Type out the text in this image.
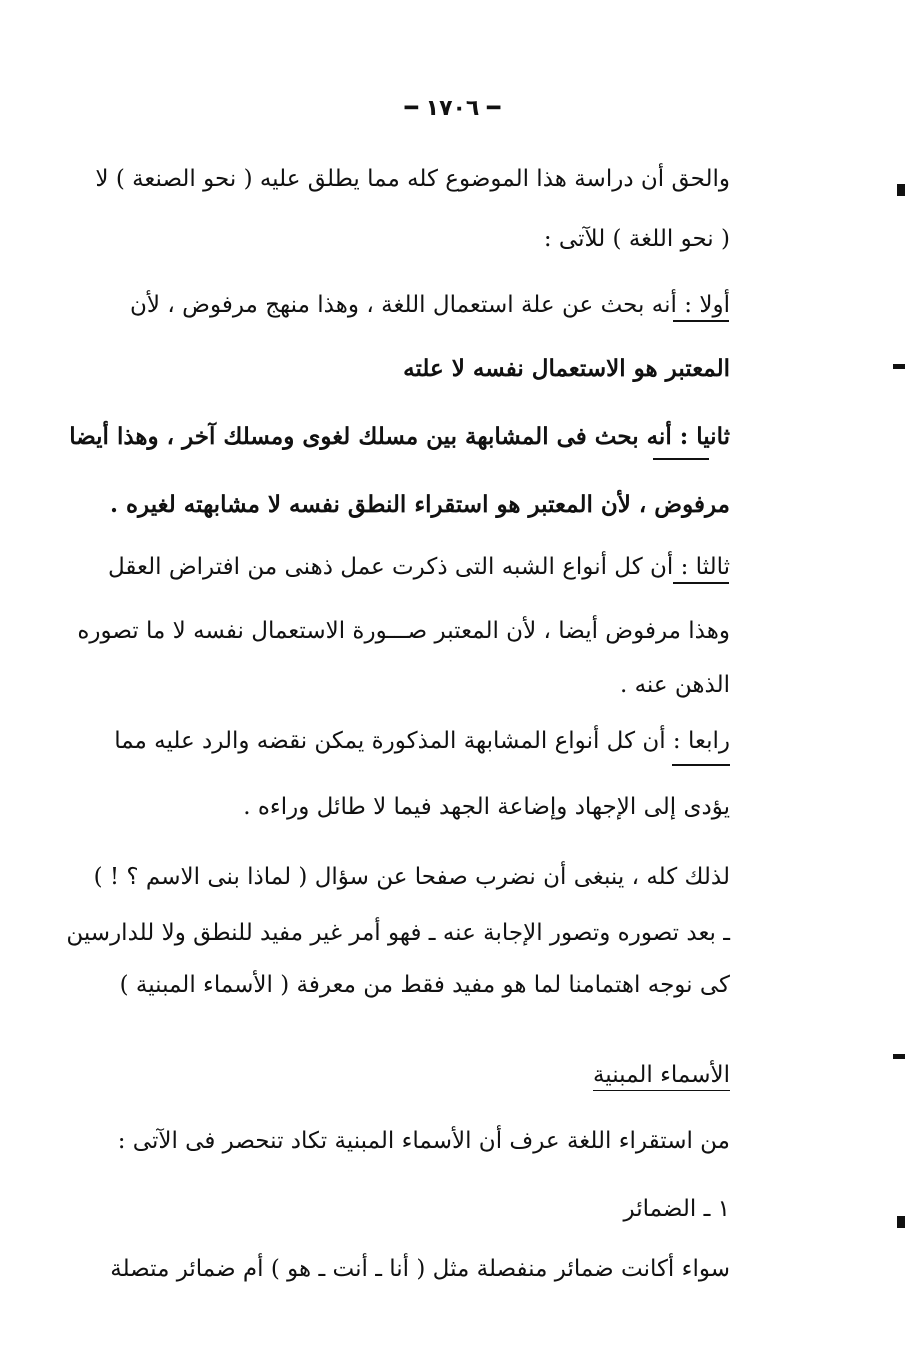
━ ١٧٠٦ ━
والحق أن دراسة هذا الموضوع كله مما يطلق عليه ( نحو الصنعة ) لا
( نحو اللغة ) للآتى :
أولا : أنه بحث عن علة استعمال اللغة ، وهذا منهج مرفوض ، لأن
المعتبر هو الاستعمال نفسه لا علته
ثانيا : أنه بحث فى المشابهة بين مسلك لغوى ومسلك آخر ، وهذا أيضا
مرفوض ، لأن المعتبر هو استقراء النطق نفسه لا مشابهته لغيره .
ثالثا : أن كل أنواع الشبه التى ذكرت عمل ذهنى من افتراض العقل
وهذا مرفوض أيضا ، لأن المعتبر صـــورة الاستعمال نفسه لا ما تصوره
الذهن عنه .
رابعا : أن كل أنواع المشابهة المذكورة يمكن نقضه والرد عليه مما
يؤدى إلى الإجهاد وإضاعة الجهد فيما لا طائل وراءه .
لذلك كله ، ينبغى أن نضرب صفحا عن سؤال ( لماذا بنى الاسم ؟ ! )
ـ بعد تصوره وتصور الإجابة عنه ـ فهو أمر غير مفيد للنطق ولا للدارسين
كى نوجه اهتمامنا لما هو مفيد فقط من معرفة ( الأسماء المبنية )
الأسماء المبنية
من استقراء اللغة عرف أن الأسماء المبنية تكاد تنحصر فى الآتى :
١ ـ الضمائر
سواء أكانت ضمائر منفصلة مثل ( أنا ـ أنت ـ هو ) أم ضمائر متصلة
